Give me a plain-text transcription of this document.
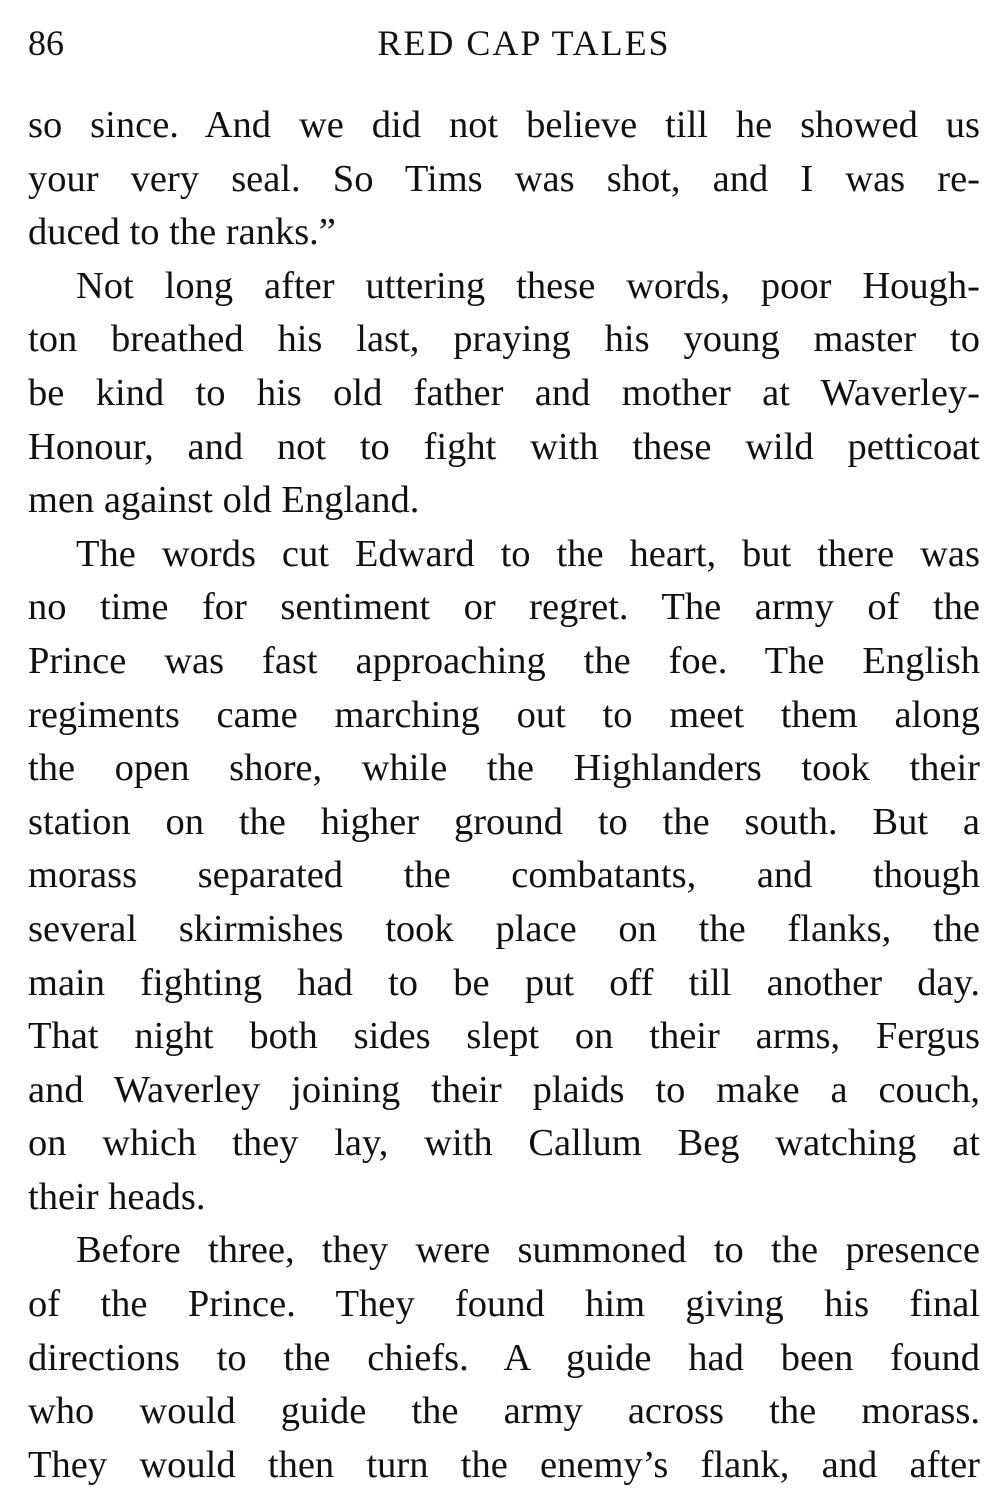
86	RED CAP TALES
so since. And we did not believe till he showed us
your very seal. So Tims was shot, and I was re-
duced to the ranks.”
Not long after uttering these words, poor Hough-
ton breathed his last, praying his young master to
be kind to his old father and mother at Waverley-
Honour, and not to fight with these wild petticoat
men against old England.
The words cut Edward to the heart, but there was
no time for sentiment or regret. The army of the
Prince was fast approaching the foe. The English
regiments came marching out to meet them along
the open shore, while the Highlanders took their
station on the higher ground to the south. But a
morass separated the combatants, and though
several skirmishes took place on the flanks, the
main fighting had to be put off till another day.
That night both sides slept on their arms, Fergus
and Waverley joining their plaids to make a couch,
on which they lay, with Callum Beg watching at
their heads.
Before three, they were summoned to the presence
of the Prince. They found him giving his final
directions to the chiefs. A guide had been found
who would guide the army across the morass.
They would then turn the enemy’s flank, and after
